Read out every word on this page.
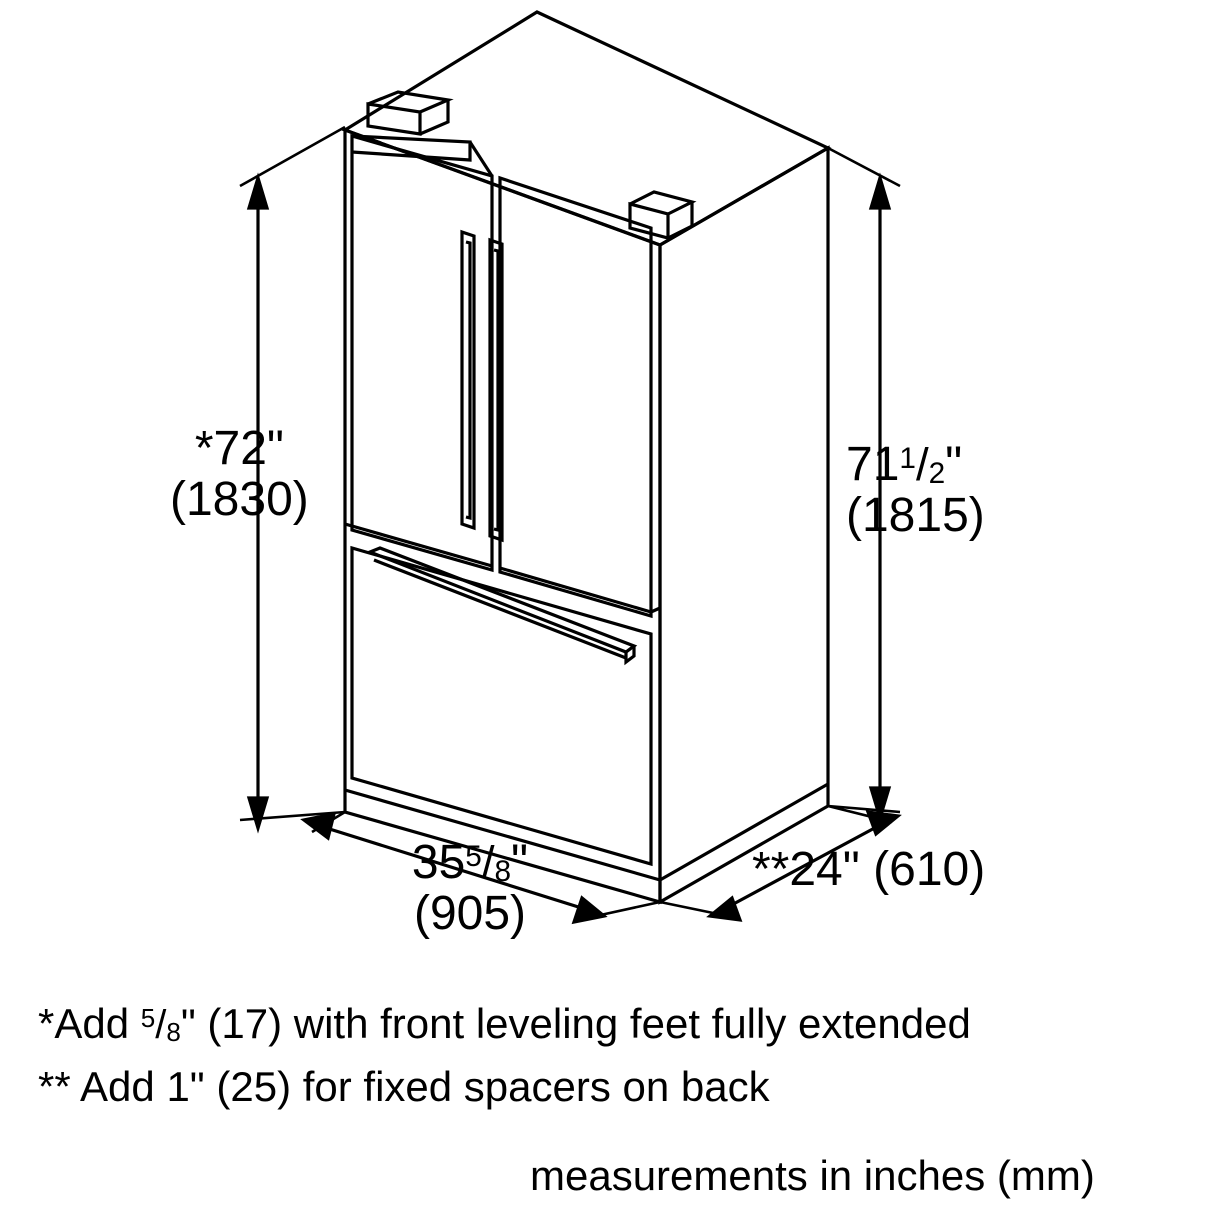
*72"
(1830)
$71^1/2$"
(1815)
$35^5/8$"
(905)
**24" (610)
*Add $^5$/8" (17) with front leveling feet fully extended
** Add 1" (25) for fixed spacers on back
measurements in inches (mm)
